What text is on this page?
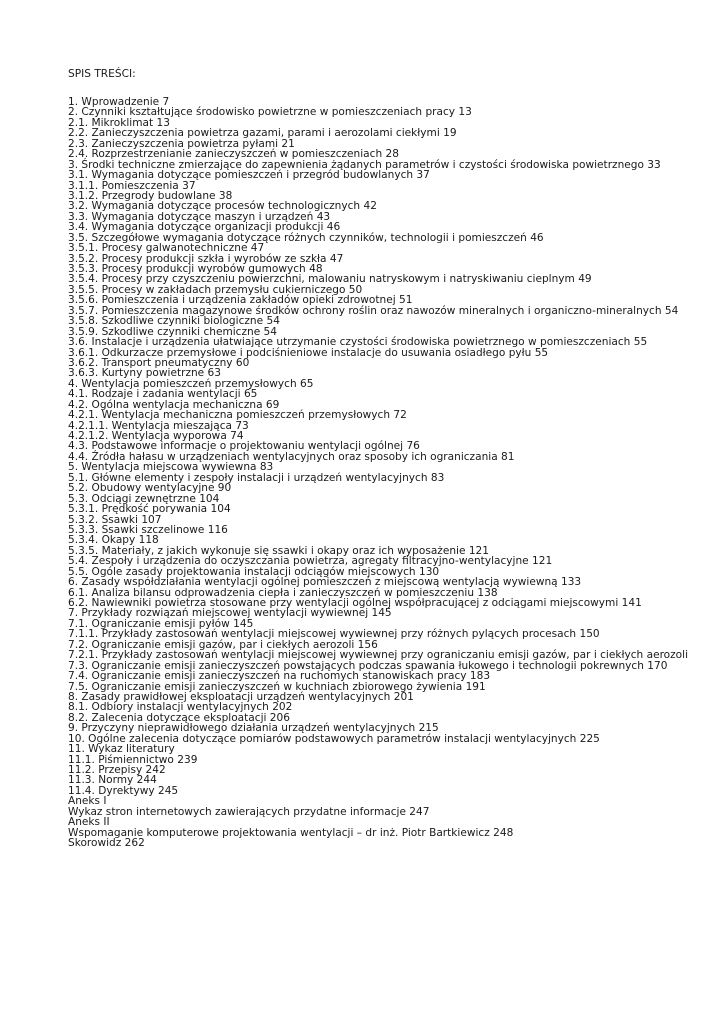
SPIS TREŚCI:
1. Wprowadzenie 7
2. Czynniki kształtujące środowisko powietrzne w pomieszczeniach pracy 13
2.1. Mikroklimat 13
2.2. Zanieczyszczenia powietrza gazami, parami i aerozolami ciekłymi 19
2.3. Zanieczyszczenia powietrza pyłami 21
2.4. Rozprzestrzenianie zanieczyszczeń w pomieszczeniach 28
3. Środki techniczne zmierzające do zapewnienia żądanych parametrów i czystości środowiska powietrznego 33
3.1. Wymagania dotyczące pomieszczeń i przegród budowlanych 37
3.1.1. Pomieszczenia 37
3.1.2. Przegrody budowlane 38
3.2. Wymagania dotyczące procesów technologicznych 42
3.3. Wymagania dotyczące maszyn i urządzeń 43
3.4. Wymagania dotyczące organizacji produkcji 46
3.5. Szczegółowe wymagania dotyczące różnych czynników, technologii i pomieszczeń 46
3.5.1. Procesy galwanotechniczne 47
3.5.2. Procesy produkcji szkła i wyrobów ze szkła 47
3.5.3. Procesy produkcji wyrobów gumowych 48
3.5.4. Procesy przy czyszczeniu powierzchni, malowaniu natryskowym i natryskiwaniu cieplnym 49
3.5.5. Procesy w zakładach przemysłu cukierniczego 50
3.5.6. Pomieszczenia i urządzenia zakładów opieki zdrowotnej 51
3.5.7. Pomieszczenia magazynowe środków ochrony roślin oraz nawozów mineralnych i organiczno-mineralnych 54
3.5.8. Szkodliwe czynniki biologiczne 54
3.5.9. Szkodliwe czynniki chemiczne 54
3.6. Instalacje i urządzenia ułatwiające utrzymanie czystości środowiska powietrznego w pomieszczeniach 55
3.6.1. Odkurzacze przemysłowe i podciśnieniowe instalacje do usuwania osiadłego pyłu 55
3.6.2. Transport pneumatyczny 60
3.6.3. Kurtyny powietrzne 63
4. Wentylacja pomieszczeń przemysłowych 65
4.1. Rodzaje i zadania wentylacji 65
4.2. Ogólna wentylacja mechaniczna 69
4.2.1. Wentylacja mechaniczna pomieszczeń przemysłowych 72
4.2.1.1. Wentylacja mieszająca 73
4.2.1.2. Wentylacja wyporowa 74
4.3. Podstawowe informacje o projektowaniu wentylacji ogólnej 76
4.4. Źródła hałasu w urządzeniach wentylacyjnych oraz sposoby ich ograniczania 81
5. Wentylacja miejscowa wywiewna 83
5.1. Główne elementy i zespoły instalacji i urządzeń wentylacyjnych 83
5.2. Obudowy wentylacyjne 90
5.3. Odciągi zewnętrzne 104
5.3.1. Prędkość porywania 104
5.3.2. Ssawki 107
5.3.3. Ssawki szczelinowe 116
5.3.4. Okapy 118
5.3.5. Materiały, z jakich wykonuje się ssawki i okapy oraz ich wyposażenie 121
5.4. Zespoły i urządzenia do oczyszczania powietrza, agregaty filtracyjno-wentylacyjne 121
5.5. Ogóle zasady projektowania instalacji odciągów miejscowych 130
6. Zasady współdziałania wentylacji ogólnej pomieszczeń z miejscową wentylacją wywiewną 133
6.1. Analiza bilansu odprowadzenia ciepła i zanieczyszczeń w pomieszczeniu 138
6.2. Nawiewniki powietrza stosowane przy wentylacji ogólnej współpracującej z odciągami miejscowymi 141
7. Przykłady rozwiązań miejscowej wentylacji wywiewnej 145
7.1. Ograniczanie emisji pyłów 145
7.1.1. Przykłady zastosowań wentylacji miejscowej wywiewnej przy różnych pylących procesach 150
7.2. Ograniczanie emisji gazów, par i ciekłych aerozoli 156
7.2.1. Przykłady zastosowań wentylacji miejscowej wywiewnej przy ograniczaniu emisji gazów, par i ciekłych aerozoli
7.3. Ograniczanie emisji zanieczyszczeń powstających podczas spawania łukowego i technologii pokrewnych 170
7.4. Ograniczanie emisji zanieczyszczeń na ruchomych stanowiskach pracy 183
7.5. Ograniczanie emisji zanieczyszczeń w kuchniach zbiorowego żywienia 191
8. Zasady prawidłowej eksploatacji urządzeń wentylacyjnych 201
8.1. Odbiory instalacji wentylacyjnych 202
8.2. Zalecenia dotyczące eksploatacji 206
9. Przyczyny nieprawidłowego działania urządzeń wentylacyjnych 215
10. Ogólne zalecenia dotyczące pomiarów podstawowych parametrów instalacji wentylacyjnych 225
11. Wykaz literatury
11.1. Piśmiennictwo 239
11.2. Przepisy 242
11.3. Normy 244
11.4. Dyrektywy 245
Aneks I
Wykaz stron internetowych zawierających przydatne informacje 247
Aneks II
Wspomaganie komputerowe projektowania wentylacji – dr inż. Piotr Bartkiewicz 248
Skorowidz 262
